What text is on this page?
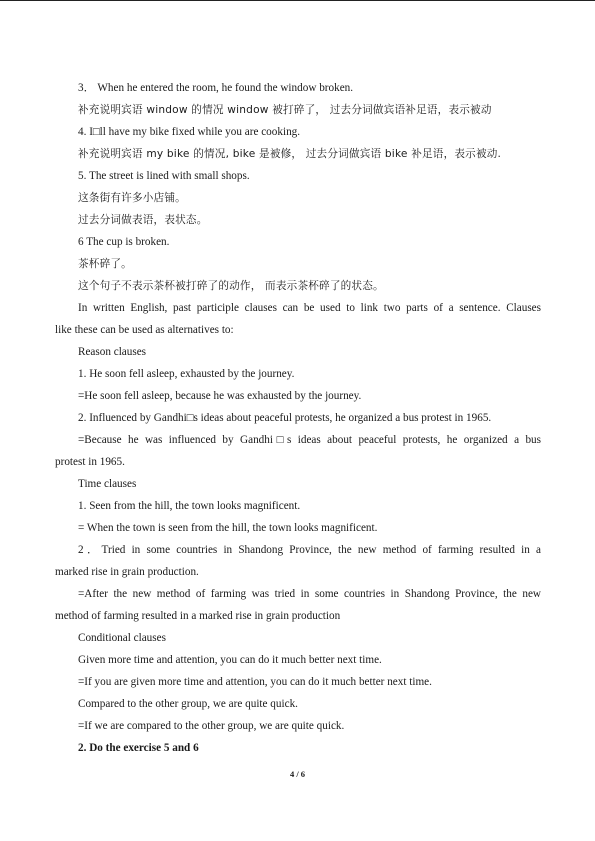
3． When he entered the room, he found the window broken.
补充说明宾语 window 的情况 window 被打碎了， 过去分词做宾语补足语，表示被动
4. I□ll have my bike fixed while you are cooking.
补充说明宾语 my bike 的情况, bike 是被修， 过去分词做宾语 bike 补足语，表示被动.
5. The street is lined with small shops.
这条街有许多小店铺。
过去分词做表语，表状态。
6 The cup is broken.
茶杯碎了。
这个句子不表示茶杯被打碎了的动作， 而表示茶杯碎了的状态。
In written English, past participle clauses can be used to link two parts of a sentence. Clauses
like these can be used as alternatives to:
Reason clauses
1. He soon fell asleep, exhausted by the journey.
=He soon fell asleep, because he was exhausted by the journey.
2. Influenced by Gandhi□s ideas about peaceful protests, he organized a bus protest in 1965.
=Because he was influenced by Gandhi□s ideas about peaceful protests, he organized a bus
protest in 1965.
Time clauses
1. Seen from the hill, the town looks magnificent.
= When the town is seen from the hill, the town looks magnificent.
2．Tried in some countries in Shandong Province, the new method of farming resulted in a
marked rise in grain production.
=After the new method of farming was tried in some countries in Shandong Province, the new
method of farming resulted in a marked rise in grain production
Conditional clauses
Given more time and attention, you can do it much better next time.
=If you are given more time and attention, you can do it much better next time.
Compared to the other group, we are quite quick.
=If we are compared to the other group, we are quite quick.
2. Do the exercise 5 and 6
4 / 6
